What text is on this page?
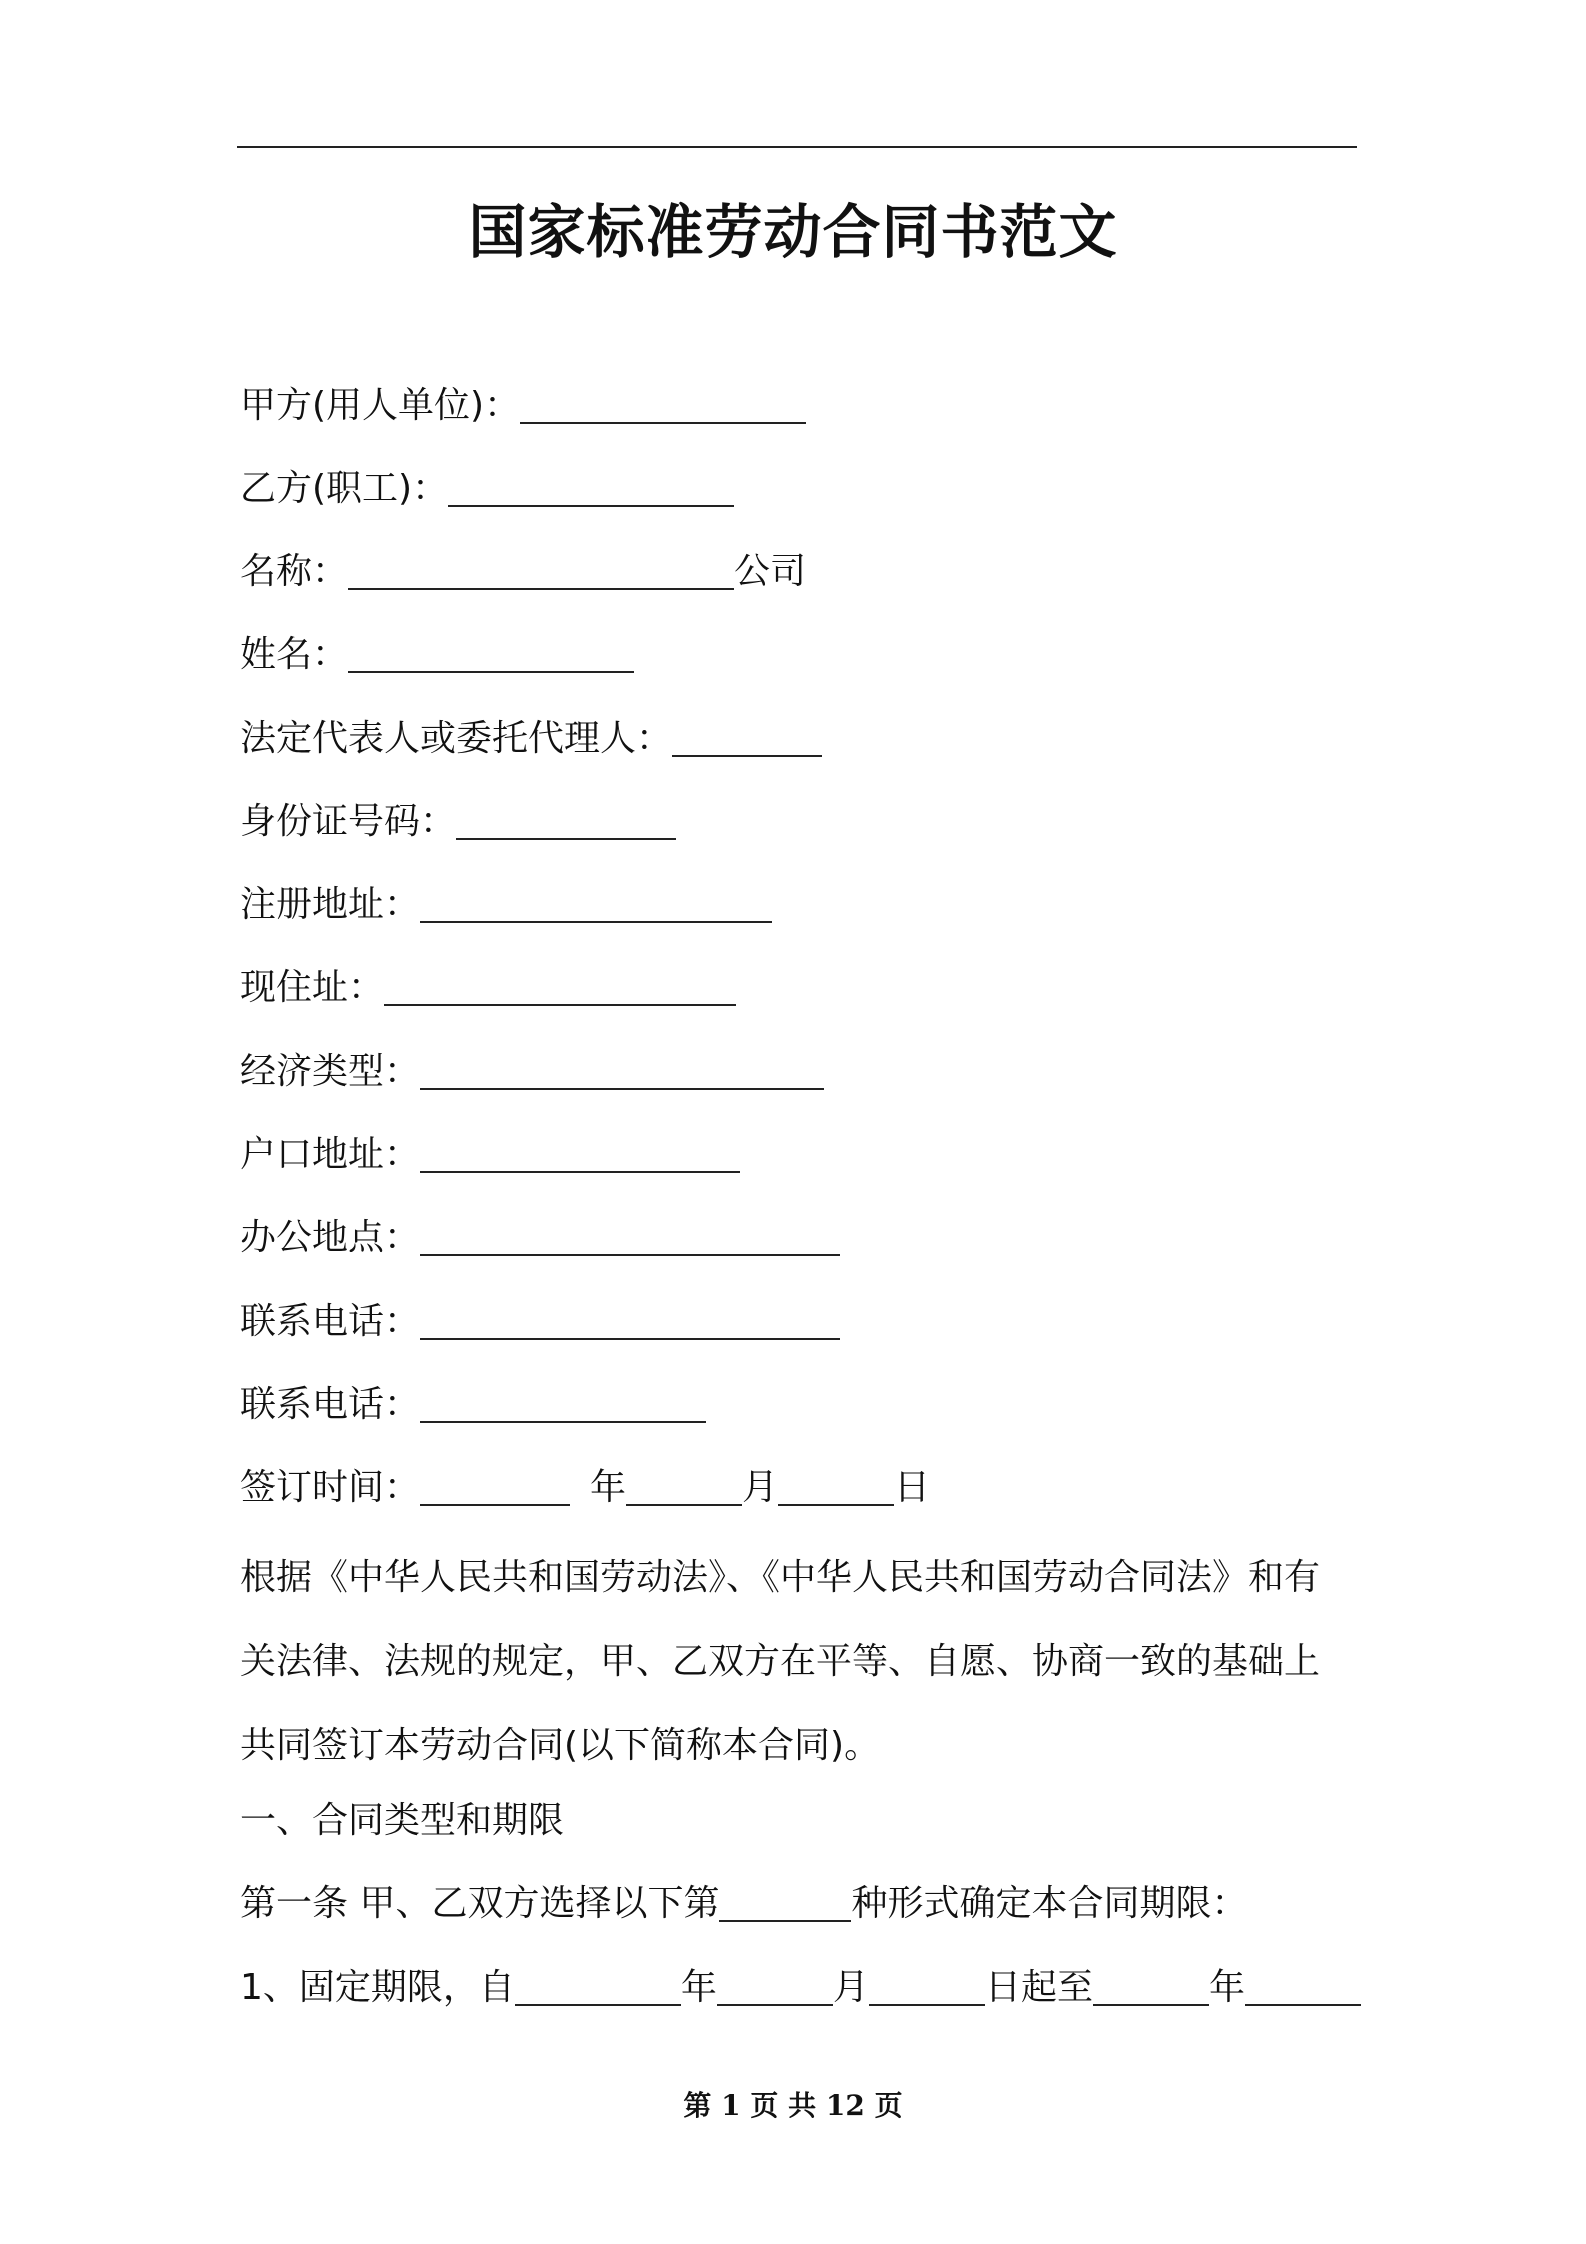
国家标准劳动合同书范文
甲方(用人单位)：
乙方(职工)：
名称：	公司
姓名：
法定代表人或委托代理人：
身份证号码：
注册地址：
现住址：
经济类型：
户口地址：
办公地点：
联系电话：
联系电话：
签订时间：	年	月	日
根据《中华人民共和国劳动法》、《中华人民共和国劳动合同法》和有
关法律、法规的规定，甲、乙双方在平等、自愿、协商一致的基础上
共同签订本劳动合同(以下简称本合同)。
一、合同类型和期限
第一条 甲、乙双方选择以下第	种形式确定本合同期限：
1、固定期限，自	年	月	日起至	年
第 1 页 共 12 页
